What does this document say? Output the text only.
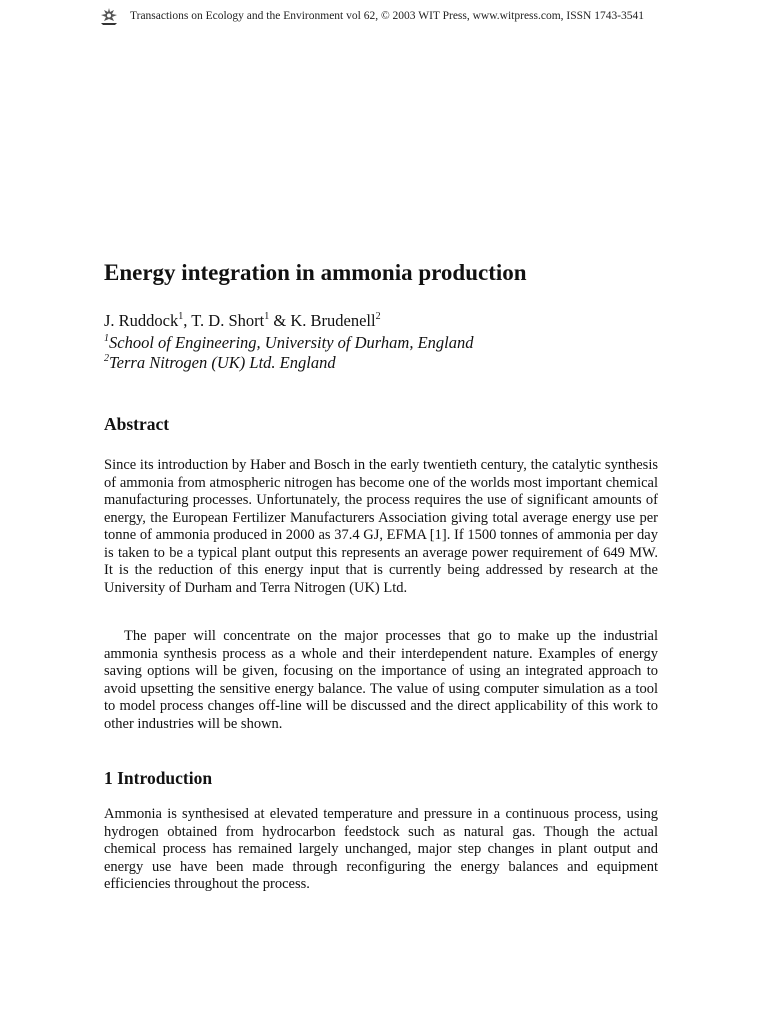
Transactions on Ecology and the Environment vol 62, © 2003 WIT Press, www.witpress.com, ISSN 1743-3541
Energy integration in ammonia production
J. Ruddock$^1$, T. D. Short$^1$ & K. Brudenell$^2$
$^1$School of Engineering, University of Durham, England
$^2$Terra Nitrogen (UK) Ltd. England
Abstract

Since its introduction by Haber and Bosch in the early twentieth century, the catalytic synthesis of ammonia from atmospheric nitrogen has become one of the worlds most important chemical manufacturing processes. Unfortunately, the process requires the use of significant amounts of energy, the European Fertilizer Manufacturers Association giving total average energy use per tonne of ammonia produced in 2000 as 37.4 GJ, EFMA [1]. If 1500 tonnes of ammonia per day is taken to be a typical plant output this represents an average power requirement of 649 MW. It is the reduction of this energy input that is currently being addressed by research at the University of Durham and Terra Nitrogen (UK) Ltd.

The paper will concentrate on the major processes that go to make up the industrial ammonia synthesis process as a whole and their interdependent nature. Examples of energy saving options will be given, focusing on the importance of using an integrated approach to avoid upsetting the sensitive energy balance. The value of using computer simulation as a tool to model process changes off-line will be discussed and the direct applicability of this work to other industries will be shown.

1 Introduction

Ammonia is synthesised at elevated temperature and pressure in a continuous process, using hydrogen obtained from hydrocarbon feedstock such as natural gas. Though the actual chemical process has remained largely unchanged, major step changes in plant output and energy use have been made through reconfiguring the energy balances and equipment efficiencies throughout the process.
